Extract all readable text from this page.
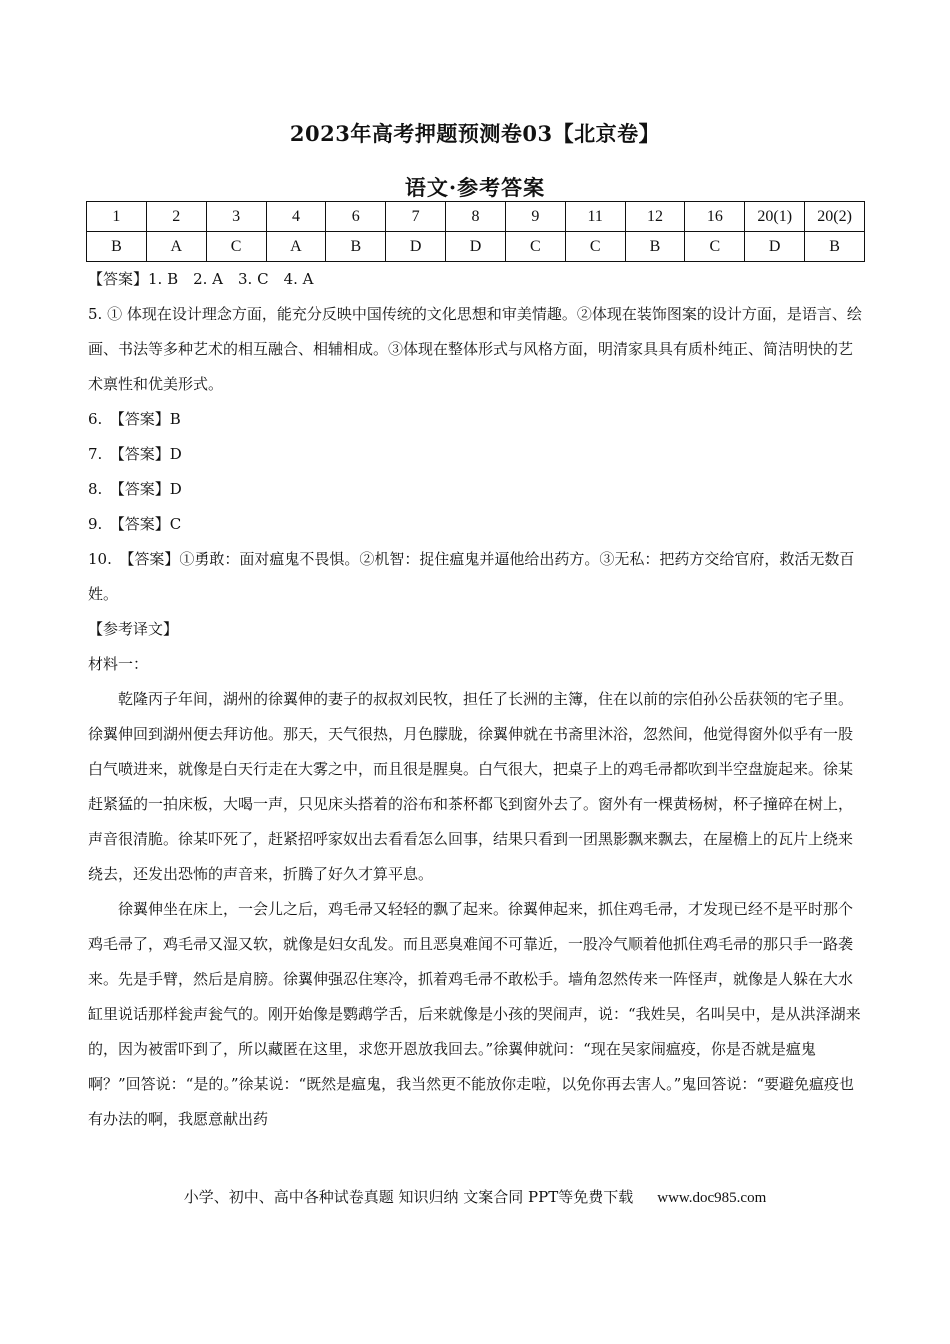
2023年高考押题预测卷03【北京卷】
语文·参考答案
1	2	3	4	6	7	8	9	11	12	16	20(1)	20(2)
B	A	C	A	B	D	D	C	C	B	C	D	B

【答案】1. B　2. A　3. C　4. A

5. ① 体现在设计理念方面，能充分反映中国传统的文化思想和审美情趣。②体现在装饰图案的设计方面，是语言、绘画、书法等多种艺术的相互融合、相辅相成。③体现在整体形式与风格方面，明清家具具有质朴纯正、简洁明快的艺术禀性和优美形式。

6.　【答案】B

7.　【答案】D

8.　【答案】D

9.　【答案】C

10.　【答案】①勇敢：面对瘟鬼不畏惧。②机智：捉住瘟鬼并逼他给出药方。③无私：把药方交给官府，救活无数百姓。

【参考译文】

材料一：

乾隆丙子年间，湖州的徐翼伸的妻子的叔叔刘民牧，担任了长洲的主簿，住在以前的宗伯孙公岳获领的宅子里。徐翼伸回到湖州便去拜访他。那天，天气很热，月色朦胧，徐翼伸就在书斋里沐浴，忽然间，他觉得窗外似乎有一股白气喷进来，就像是白天行走在大雾之中，而且很是腥臭。白气很大，把桌子上的鸡毛帚都吹到半空盘旋起来。徐某赶紧猛的一拍床板，大喝一声，只见床头搭着的浴布和茶杯都飞到窗外去了。窗外有一棵黄杨树，杯子撞碎在树上，声音很清脆。徐某吓死了，赶紧招呼家奴出去看看怎么回事，结果只看到一团黑影飘来飘去，在屋檐上的瓦片上绕来绕去，还发出恐怖的声音来，折腾了好久才算平息。

徐翼伸坐在床上，一会儿之后，鸡毛帚又轻轻的飘了起来。徐翼伸起来，抓住鸡毛帚，才发现已经不是平时那个鸡毛帚了，鸡毛帚又湿又软，就像是妇女乱发。而且恶臭难闻不可靠近，一股冷气顺着他抓住鸡毛帚的那只手一路袭来。先是手臂，然后是肩膀。徐翼伸强忍住寒冷，抓着鸡毛帚不敢松手。墙角忽然传来一阵怪声，就像是人躲在大水缸里说话那样瓮声瓮气的。刚开始像是鹦鹉学舌，后来就像是小孩的哭闹声，说：“我姓吴，名叫吴中，是从洪泽湖来的，因为被雷吓到了，所以藏匿在这里，求您开恩放我回去。”徐翼伸就问：“现在吴家闹瘟疫，你是否就是瘟鬼啊？”回答说：“是的。”徐某说：“既然是瘟鬼，我当然更不能放你走啦，以免你再去害人。”鬼回答说：“要避免瘟疫也有办法的啊，我愿意献出药

小学、初中、高中各种试卷真题 知识归纳 文案合同 PPT等免费下载 www.doc985.com
